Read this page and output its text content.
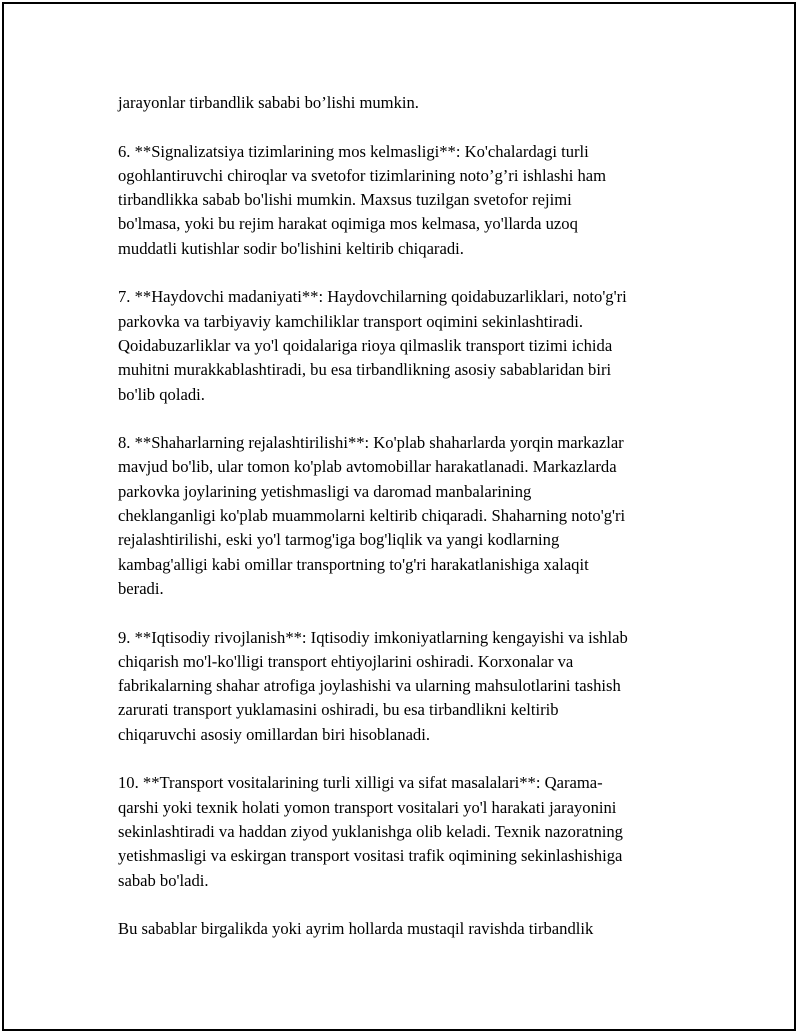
jarayonlar tirbandlik sababi bo’lishi mumkin.

6. **Signalizatsiya tizimlarining mos kelmasligi**: Ko'chalardagi turli
ogohlantiruvchi chiroqlar va svetofor tizimlarining noto’g’ri ishlashi ham
tirbandlikka sabab bo'lishi mumkin. Maxsus tuzilgan svetofor rejimi
bo'lmasa, yoki bu rejim harakat oqimiga mos kelmasa, yo'llarda uzoq
muddatli kutishlar sodir bo'lishini keltirib chiqaradi.

7. **Haydovchi madaniyati**: Haydovchilarning qoidabuzarliklari, noto'g'ri
parkovka va tarbiyaviy kamchiliklar transport oqimini sekinlashtiradi.
Qoidabuzarliklar va yo'l qoidalariga rioya qilmaslik transport tizimi ichida
muhitni murakkablashtiradi, bu esa tirbandlikning asosiy sabablaridan biri
bo'lib qoladi.

8. **Shaharlarning rejalashtirilishi**: Ko'plab shaharlarda yorqin markazlar
mavjud bo'lib, ular tomon ko'plab avtomobillar harakatlanadi. Markazlarda
parkovka joylarining yetishmasligi va daromad manbalarining
cheklanganligi ko'plab muammolarni keltirib chiqaradi. Shaharning noto'g'ri
rejalashtirilishi, eski yo'l tarmog'iga bog'liqlik va yangi kodlarning
kambag'alligi kabi omillar transportning to'g'ri harakatlanishiga xalaqit
beradi.

9. **Iqtisodiy rivojlanish**: Iqtisodiy imkoniyatlarning kengayishi va ishlab
chiqarish mo'l-ko'lligi transport ehtiyojlarini oshiradi. Korxonalar va
fabrikalarning shahar atrofiga joylashishi va ularning mahsulotlarini tashish
zarurati transport yuklamasini oshiradi, bu esa tirbandlikni keltirib
chiqaruvchi asosiy omillardan biri hisoblanadi.

10. **Transport vositalarining turli xilligi va sifat masalalari**: Qarama-
qarshi yoki texnik holati yomon transport vositalari yo'l harakati jarayonini
sekinlashtiradi va haddan ziyod yuklanishga olib keladi. Texnik nazoratning
yetishmasligi va eskirgan transport vositasi trafik oqimining sekinlashishiga
sabab bo'ladi.

Bu sabablar birgalikda yoki ayrim hollarda mustaqil ravishda tirbandlik
